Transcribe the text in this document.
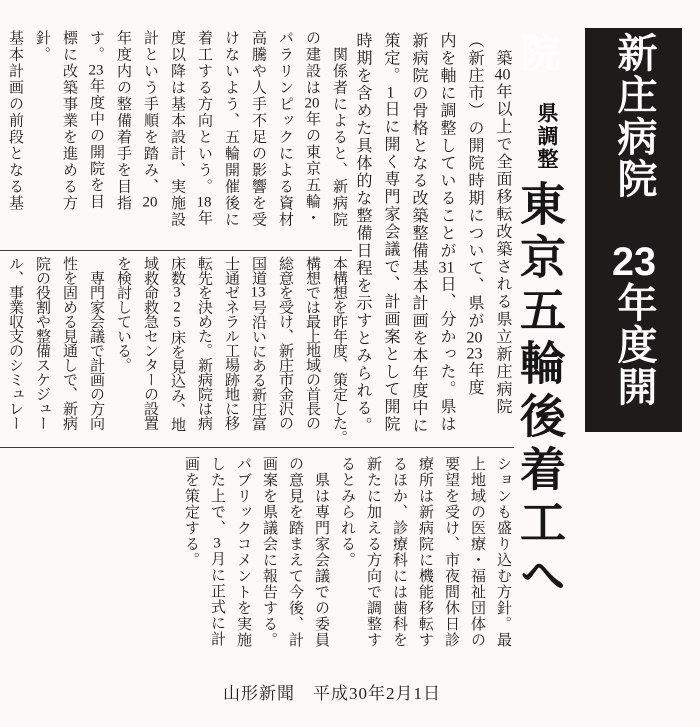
新庄病院　23年度開院
県調整
東京五輪後着工へ
　築40年以上で全面移転改築される県立新庄病院
（新庄市）の開院時期について、県が2023年度
内を軸に調整していることが31日、分かった。県は
新病院の骨格となる改築整備基本計画を本年度中に
策定。1日に開く専門家会議で、計画案として開院
時期を含めた具体的な整備日程を示すとみられる。
　関係者によると、新病院
の建設は20年の東京五輪・
パラリンピックによる資材
高騰や人手不足の影響を受
けないよう、五輪開催後に
着工する方向という。18年
度以降は基本設計、実施設
計という手順を踏み、20
年度内の整備着手を目指
す。23年度中の開院を目
標に改築事業を進める方
針。
基本計画の前段となる基
本構想を昨年度、策定した。
構想では最上地域の首長の
総意を受け、新庄市金沢の
国道13号沿いにある新庄富
士通ゼネラル工場跡地に移
転先を決めた。新病院は病
床数325床を見込み、地
域救命救急センターの設置
を検討している。
　専門家会議で計画の方向
性を固める見通しで、新病
院の役割や整備スケジュー
ル、事業収支のシミュレー
ションも盛り込む方針。最
上地域の医療・福祉団体の
要望を受け、市夜間休日診
療所は新病院に機能移転す
るほか、診療科には歯科を
新たに加える方向で調整す
るとみられる。
　県は専門家会議での委員
の意見を踏まえて今後、計
画案を県議会に報告する。
パブリックコメントを実施
した上で、3月に正式に計
画を策定する。
山形新聞　平成30年2月1日
